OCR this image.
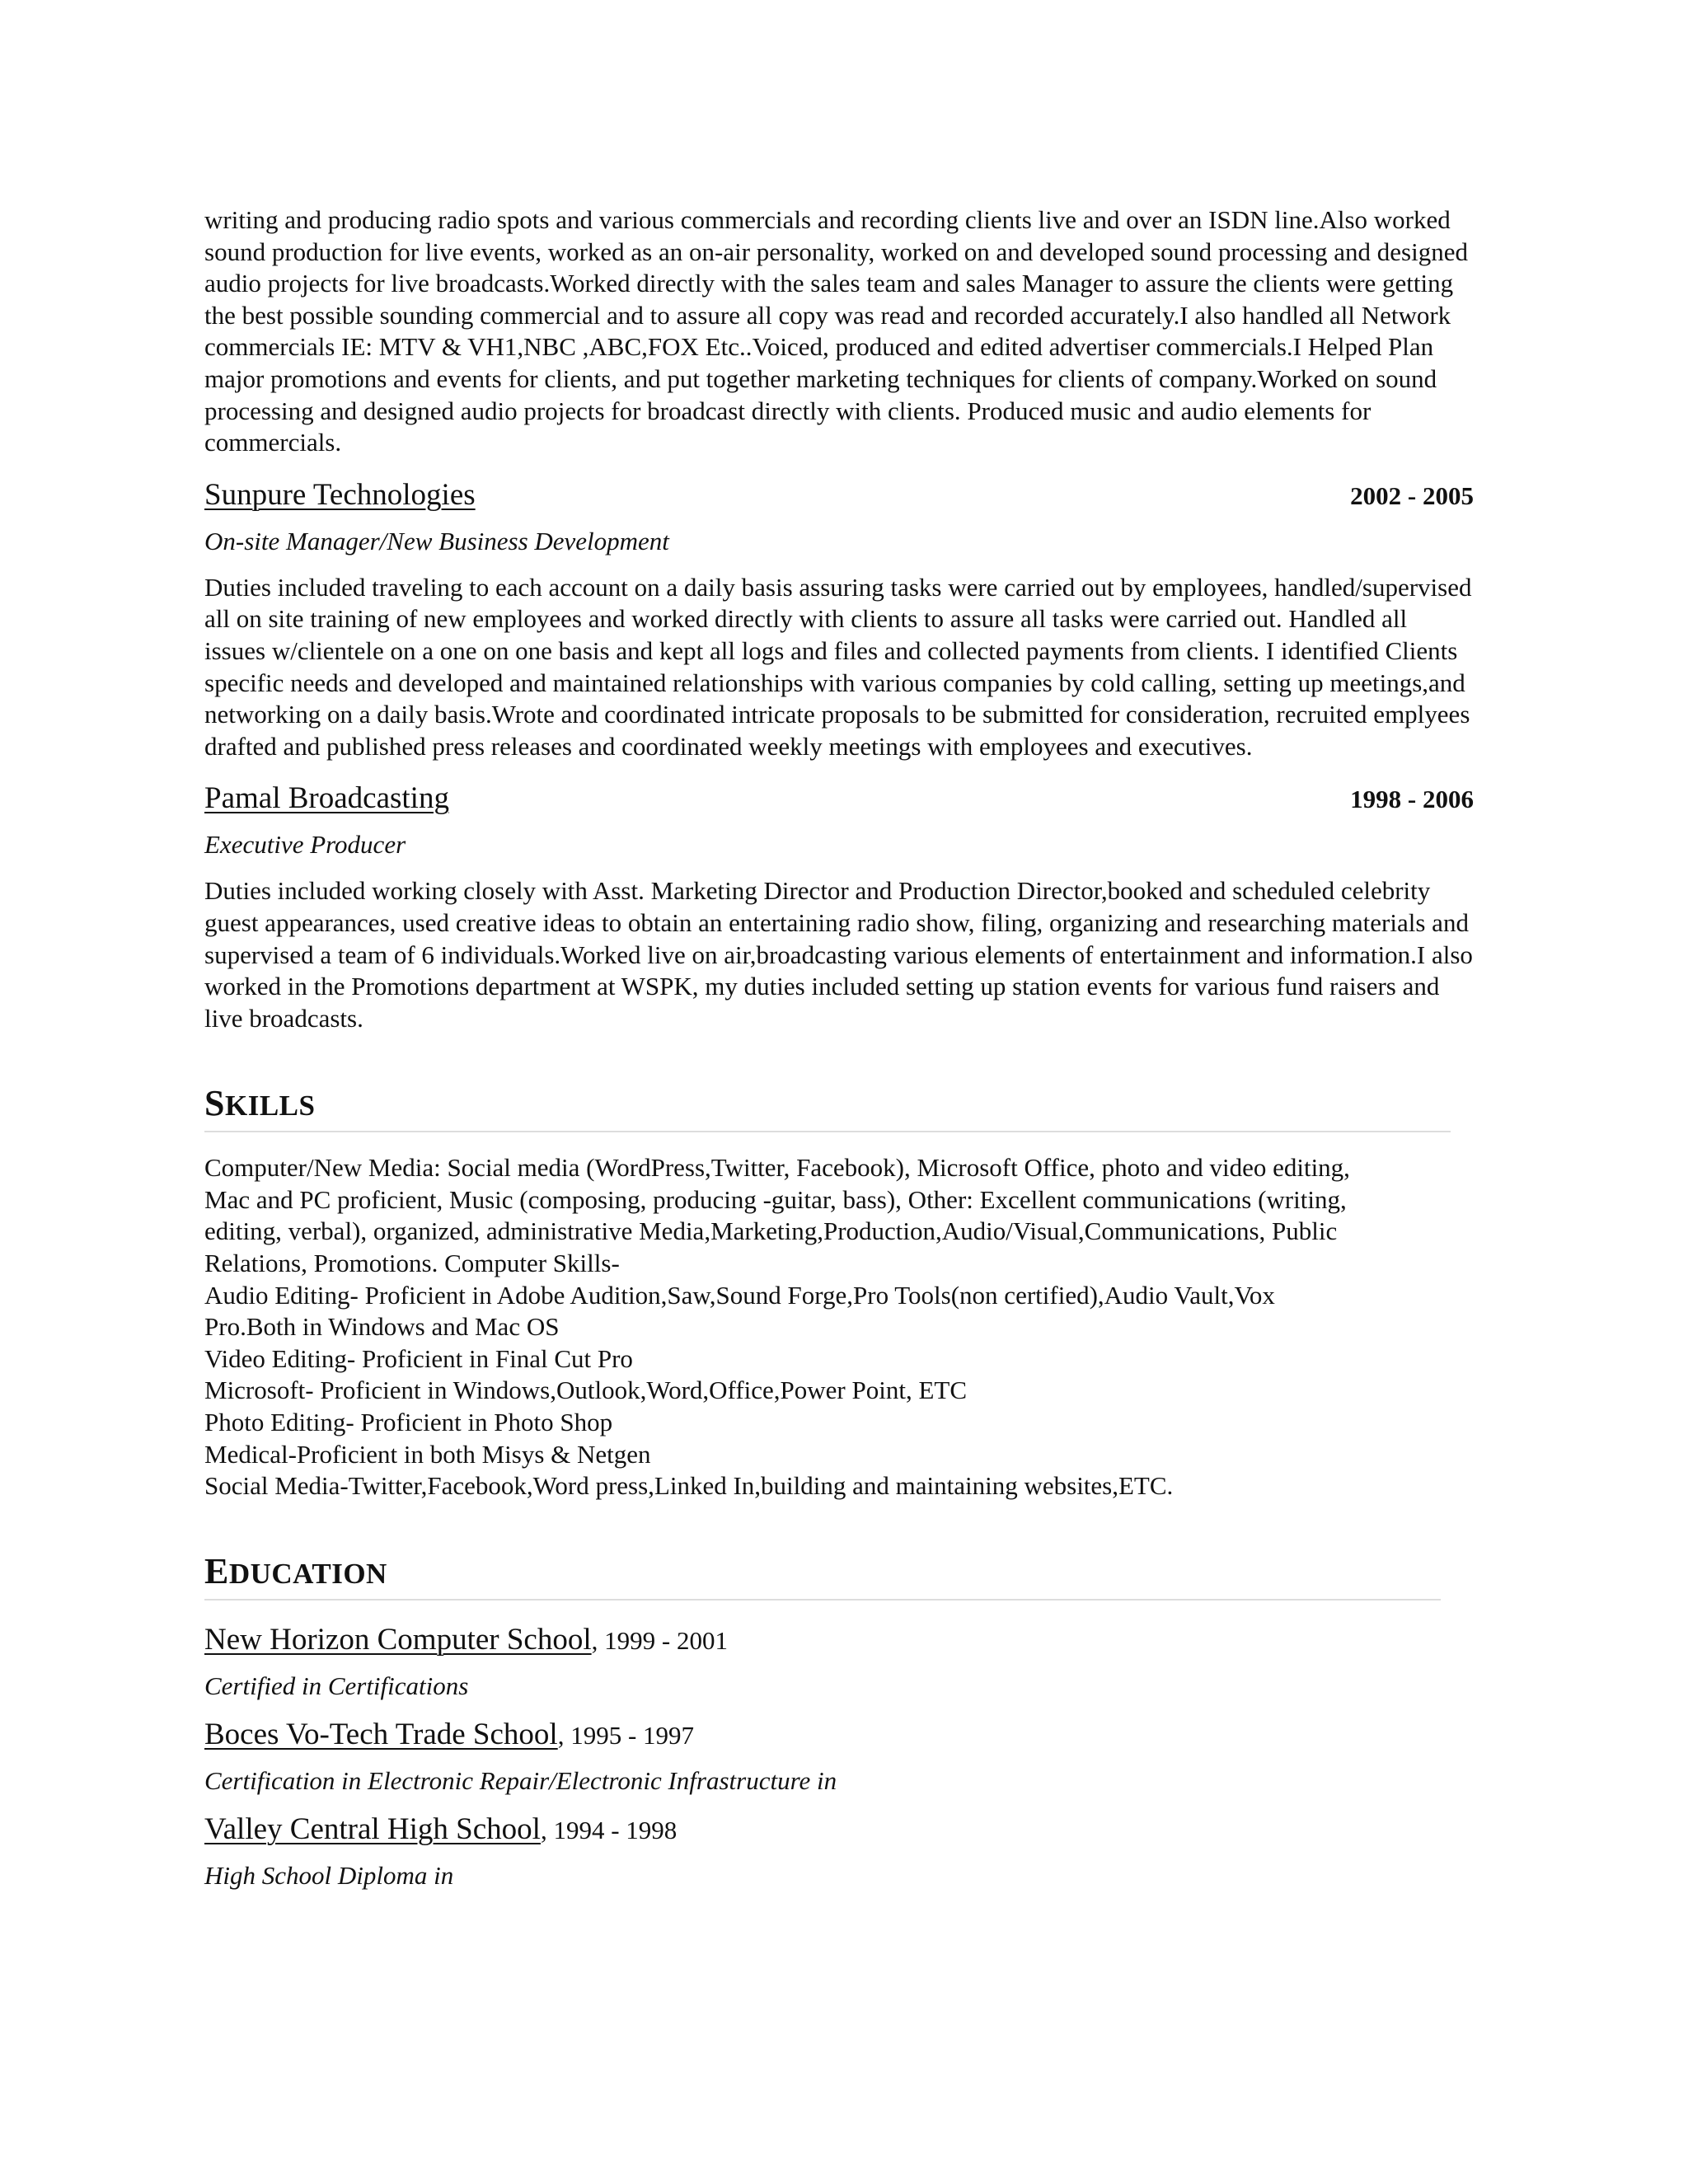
writing and producing radio spots and various commercials and recording clients live and over an ISDN line.Also worked sound production for live events, worked as an on-air personality, worked on and developed sound processing and designed audio projects for live broadcasts.Worked directly with the sales team and sales Manager to assure the clients were getting the best possible sounding commercial and to assure all copy was read and recorded accurately.I also handled all Network commercials IE: MTV & VH1,NBC ,ABC,FOX Etc..Voiced, produced and edited advertiser commercials.I Helped Plan major promotions and events for clients, and put together marketing techniques for clients of company.Worked on sound processing and designed audio projects for broadcast directly with clients. Produced music and audio elements for commercials.

Sunpure Technologies	2002 - 2005
On-site Manager/New Business Development

Duties included traveling to each account on a daily basis assuring tasks were carried out by employees, handled/supervised all on site training of new employees and worked directly with clients to assure all tasks were carried out. Handled all issues w/clientele on a one on one basis and kept all logs and files and collected payments from clients. I identified Clients specific needs and developed and maintained relationships with various companies by cold calling, setting up meetings,and networking on a daily basis.Wrote and coordinated intricate proposals to be submitted for consideration, recruited emplyees drafted and published press releases and coordinated weekly meetings with employees and executives.

Pamal Broadcasting	1998 - 2006
Executive Producer

Duties included working closely with Asst. Marketing Director and Production Director,booked and scheduled celebrity guest appearances, used creative ideas to obtain an entertaining radio show, filing, organizing and researching materials and supervised a team of 6 individuals.Worked live on air,broadcasting various elements of entertainment and information.I also worked in the Promotions department at WSPK, my duties included setting up station events for various fund raisers and live broadcasts.

SKILLS
Computer/New Media: Social media (WordPress,Twitter, Facebook), Microsoft Office, photo and video editing,
Mac and PC proficient, Music (composing, producing -guitar, bass), Other: Excellent communications (writing,
editing, verbal), organized, administrative Media,Marketing,Production,Audio/Visual,Communications, Public
Relations, Promotions. Computer Skills-
Audio Editing- Proficient in Adobe Audition,Saw,Sound Forge,Pro Tools(non certified),Audio Vault,Vox
Pro.Both in Windows and Mac OS
Video Editing- Proficient in Final Cut Pro
Microsoft- Proficient in Windows,Outlook,Word,Office,Power Point, ETC
Photo Editing- Proficient in Photo Shop
Medical-Proficient in both Misys & Netgen
Social Media-Twitter,Facebook,Word press,Linked In,building and maintaining websites,ETC.
EDUCATION
New Horizon Computer School, 1999 - 2001
Certified in Certifications
Boces Vo-Tech Trade School, 1995 - 1997
Certification in Electronic Repair/Electronic Infrastructure in
Valley Central High School, 1994 - 1998
High School Diploma in
